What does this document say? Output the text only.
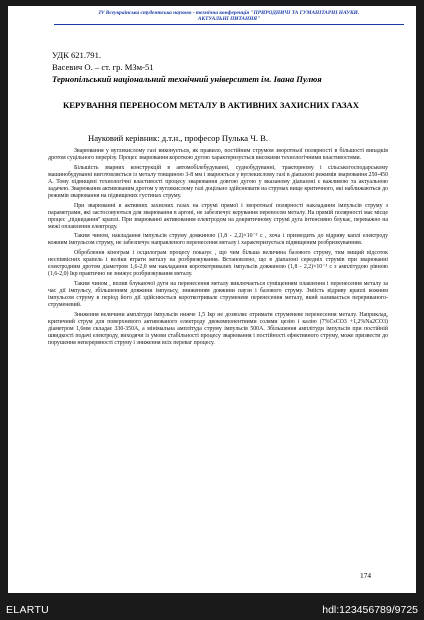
IV Всеукраїнська студентська науково - технічна конференція "ПРИРОДНИЧІ ТА ГУМАНІТАРНІ НАУКИ.
АКТУАЛЬНІ ПИТАННЯ"
УДК 621.791.
Васевич О. – ст. гр. МЗм-51
Тернопільський національний технічний університет ім. Івана Пулюя
КЕРУВАННЯ ПЕРЕНОСОМ МЕТАЛУ В АКТИВНИХ ЗАХИСНИХ ГАЗАХ
Науковий керівник: д.т.н., професор Пулька Ч. В.

Зварювання у вуглекислому газі виконується, як правило, постійним струмом зворотньої полярності в більшості випадків дротом суцільного перерізу. Процес зварювання короткою дугою характеризується високими технологічними властивостями.

Більшість зварних конструкцій в автомобілебудуванні, суднобудуванні, тракторному і сільськогосподарському машинобудуванні виготовляється із металу товщиною 3-8 мм і зварюється у вуглекислому газі в діапазоні режимів зварювання 250-450 А. Тому підвищені технологічні властивості процесу зварювання довгою дугою у вказаному діапазоні є важливою та актуальною задачею. Зварювання активованим дротом у вуглекислому газі доцільно здійснювати на струмах вище критичного, які наближаються до режимів зварювання на підвищених густинах струму.

При зварюванні в активних захисних газах на струмі прямої і зворотньої полярності накладання імпульсів струму з параметрами, які застосовуються для зварювання в аргоні, не забезпечує керування переносом металу. На прямій полярності має місце процес „підкидання" краплі. При зварюванні активованим електродом на докритичному струмі дуга інтенсивно блукає, переважно на межі оплавлення електроду.

Таким чином, накладання імпульсів струму довжиною (1,8 - 2,2)×10⁻³ с , хоча і призводить до відриву каплі електроду кожним імпульсом струму, не забезпечує направленого перенесення металу і характеризується підвищеним розбризкуванням.

Оброблення кінограм і осцилограм процесу показує , що чим більша величина базового струму, тим вищий відсоток неспіввісних крапель і веліки втрати металу на розбризкування. Встановлено, що в діапазоні середніх струмів при зварюванні електродним дротом діаметром 1,6-2,0 мм накладання короткотривалих імпульсів довжиною (1,8 - 2,2)×10⁻³ с з амплітудою рівною (1,6-2,0) Ікр практично не знижує розбризкування металу.

Таким чином , вплив блукаючої дуги на перенесення металу виключається суміщенням плавлення і перенесення металу за час дії імпульсу, збільшенням довжини імпульсу, зниженням довжини паузи і базового струму. Зміість відриву краплі кожним імпульсом струму в період його дії здійснюється короткотривале струменеве перенесення металу, який називається перериваного-струменевий.

Зниження величини амплітуди імпульсів нижче 1,5 Ікр не дозволяє отримати струменеве перенесення металу. Наприклад, критичний струм для поверхневого активованого електроду двокомпонентними солями цезію і калію (7%CsCO3 +1,2%Na2CO3) діаметром 1,6мм складає 330-350А, а мінімальна амплітуда струму імпульсів 500А. Збільшення амплітуди імпульсів при постійній швидкості подачі електроду, виходячи із умови стабільності процесу зварювання і постійності ефективного струму, може призвести до порушення неперервності струму і зниження всіх переваг процесу.

174
ELARTU	hdl:123456789/9725
